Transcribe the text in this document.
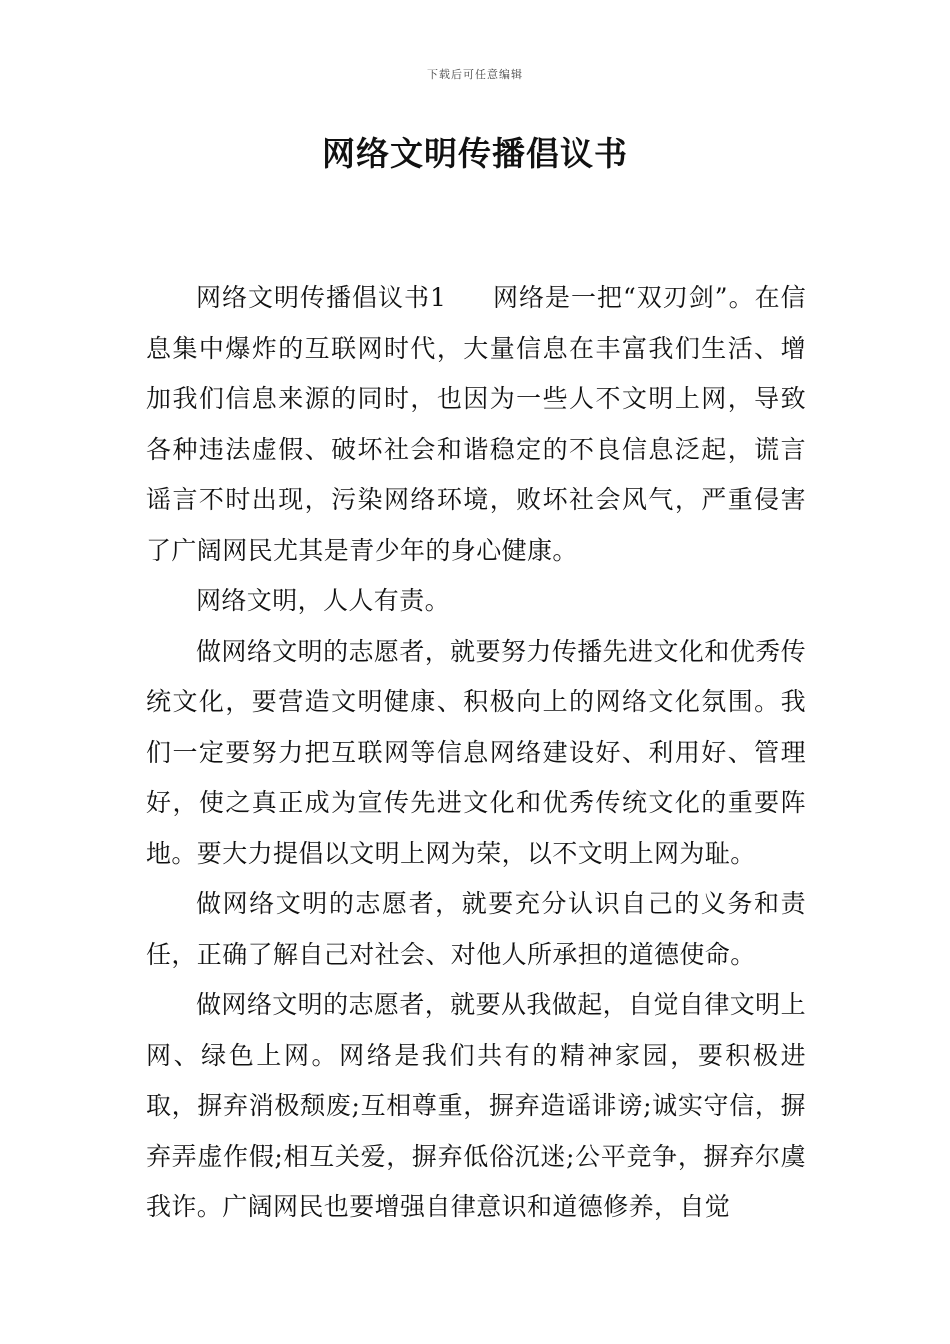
下载后可任意编辑
网络文明传播倡议书

网络文明传播倡议书1 网络是一把“双刃剑”。在信息集中爆炸的互联网时代，大量信息在丰富我们生活、增加我们信息来源的同时，也因为一些人不文明上网，导致各种违法虚假、破坏社会和谐稳定的不良信息泛起，谎言谣言不时出现，污染网络环境，败坏社会风气，严重侵害了广阔网民尤其是青少年的身心健康。

网络文明，人人有责。

做网络文明的志愿者，就要努力传播先进文化和优秀传统文化，要营造文明健康、积极向上的网络文化氛围。我们一定要努力把互联网等信息网络建设好、利用好、管理好，使之真正成为宣传先进文化和优秀传统文化的重要阵地。要大力提倡以文明上网为荣，以不文明上网为耻。

做网络文明的志愿者，就要充分认识自己的义务和责任，正确了解自己对社会、对他人所承担的道德使命。

做网络文明的志愿者，就要从我做起，自觉自律文明上网、绿色上网。网络是我们共有的精神家园，要积极进取，摒弃消极颓废;互相尊重，摒弃造谣诽谤;诚实守信，摒弃弄虚作假;相互关爱，摒弃低俗沉迷;公平竞争，摒弃尔虞我诈。广阔网民也要增强自律意识和道德修养，自觉
